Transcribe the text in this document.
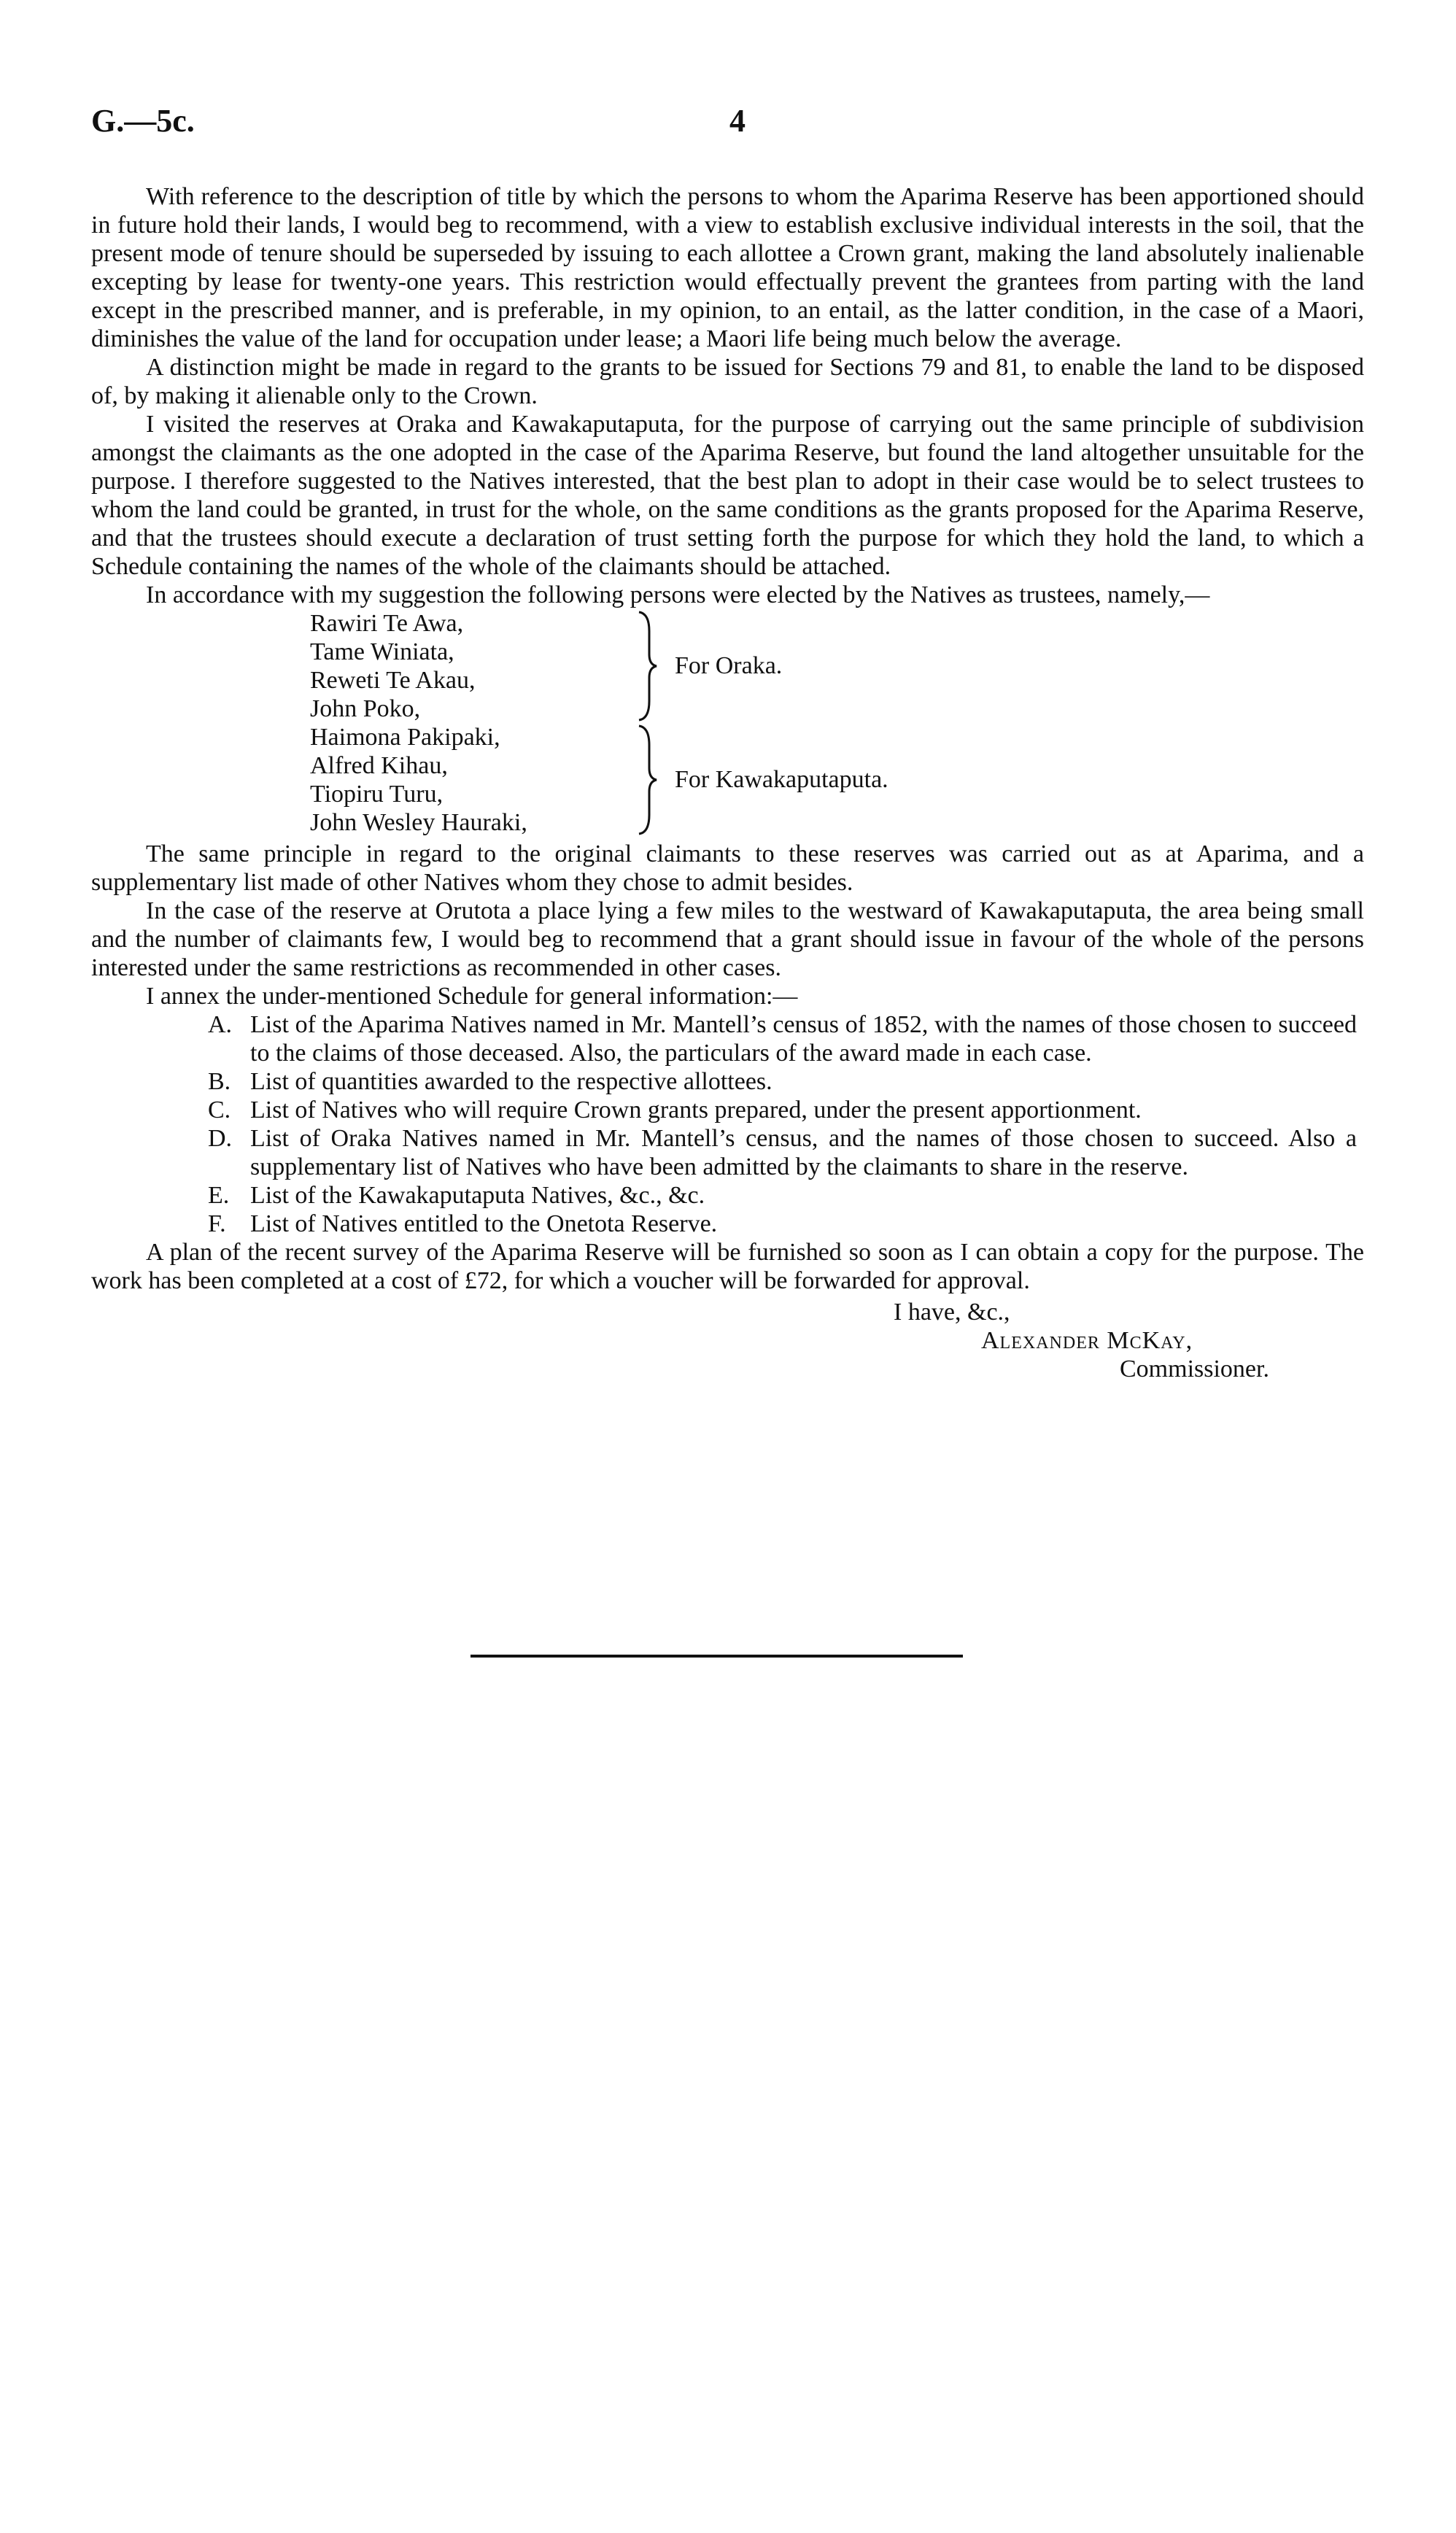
G.—5c.	4

With reference to the description of title by which the persons to whom the Aparima Reserve has been apportioned should in future hold their lands, I would beg to recommend, with a view to establish exclusive individual interests in the soil, that the present mode of tenure should be superseded by issuing to each allottee a Crown grant, making the land absolutely inalienable excepting by lease for twenty-one years. This restriction would effectually prevent the grantees from parting with the land except in the prescribed manner, and is preferable, in my opinion, to an entail, as the latter condition, in the case of a Maori, diminishes the value of the land for occupation under lease; a Maori life being much below the average.

A distinction might be made in regard to the grants to be issued for Sections 79 and 81, to enable the land to be disposed of, by making it alienable only to the Crown.

I visited the reserves at Oraka and Kawakaputaputa, for the purpose of carrying out the same principle of subdivision amongst the claimants as the one adopted in the case of the Aparima Reserve, but found the land altogether unsuitable for the purpose. I therefore suggested to the Natives interested, that the best plan to adopt in their case would be to select trustees to whom the land could be granted, in trust for the whole, on the same conditions as the grants proposed for the Aparima Reserve, and that the trustees should execute a declaration of trust setting forth the purpose for which they hold the land, to which a Schedule containing the names of the whole of the claimants should be attached.

In accordance with my suggestion the following persons were elected by the Natives as trustees, namely,—

Rawiri Te Awa,
Tame Winiata,
Reweti Te Akau,
John Poko,
For Oraka.
Haimona Pakipaki,
Alfred Kihau,
Tiopiru Turu,
John Wesley Hauraki,
For Kawakaputaputa.

The same principle in regard to the original claimants to these reserves was carried out as at Aparima, and a supplementary list made of other Natives whom they chose to admit besides.

In the case of the reserve at Orutota a place lying a few miles to the westward of Kawakaputaputa, the area being small and the number of claimants few, I would beg to recommend that a grant should issue in favour of the whole of the persons interested under the same restrictions as recommended in other cases.

I annex the under-mentioned Schedule for general information:—

A. List of the Aparima Natives named in Mr. Mantell’s census of 1852, with the names of those chosen to succeed to the claims of those deceased. Also, the particulars of the award made in each case.
B. List of quantities awarded to the respective allottees.
C. List of Natives who will require Crown grants prepared, under the present apportionment.
D. List of Oraka Natives named in Mr. Mantell’s census, and the names of those chosen to succeed. Also a supplementary list of Natives who have been admitted by the claimants to share in the reserve.
E. List of the Kawakaputaputa Natives, &c., &c.
F. List of Natives entitled to the Onetota Reserve.

A plan of the recent survey of the Aparima Reserve will be furnished so soon as I can obtain a copy for the purpose. The work has been completed at a cost of £72, for which a voucher will be forwarded for approval.

I have, &c.,
Alexander McKay,
Commissioner.
